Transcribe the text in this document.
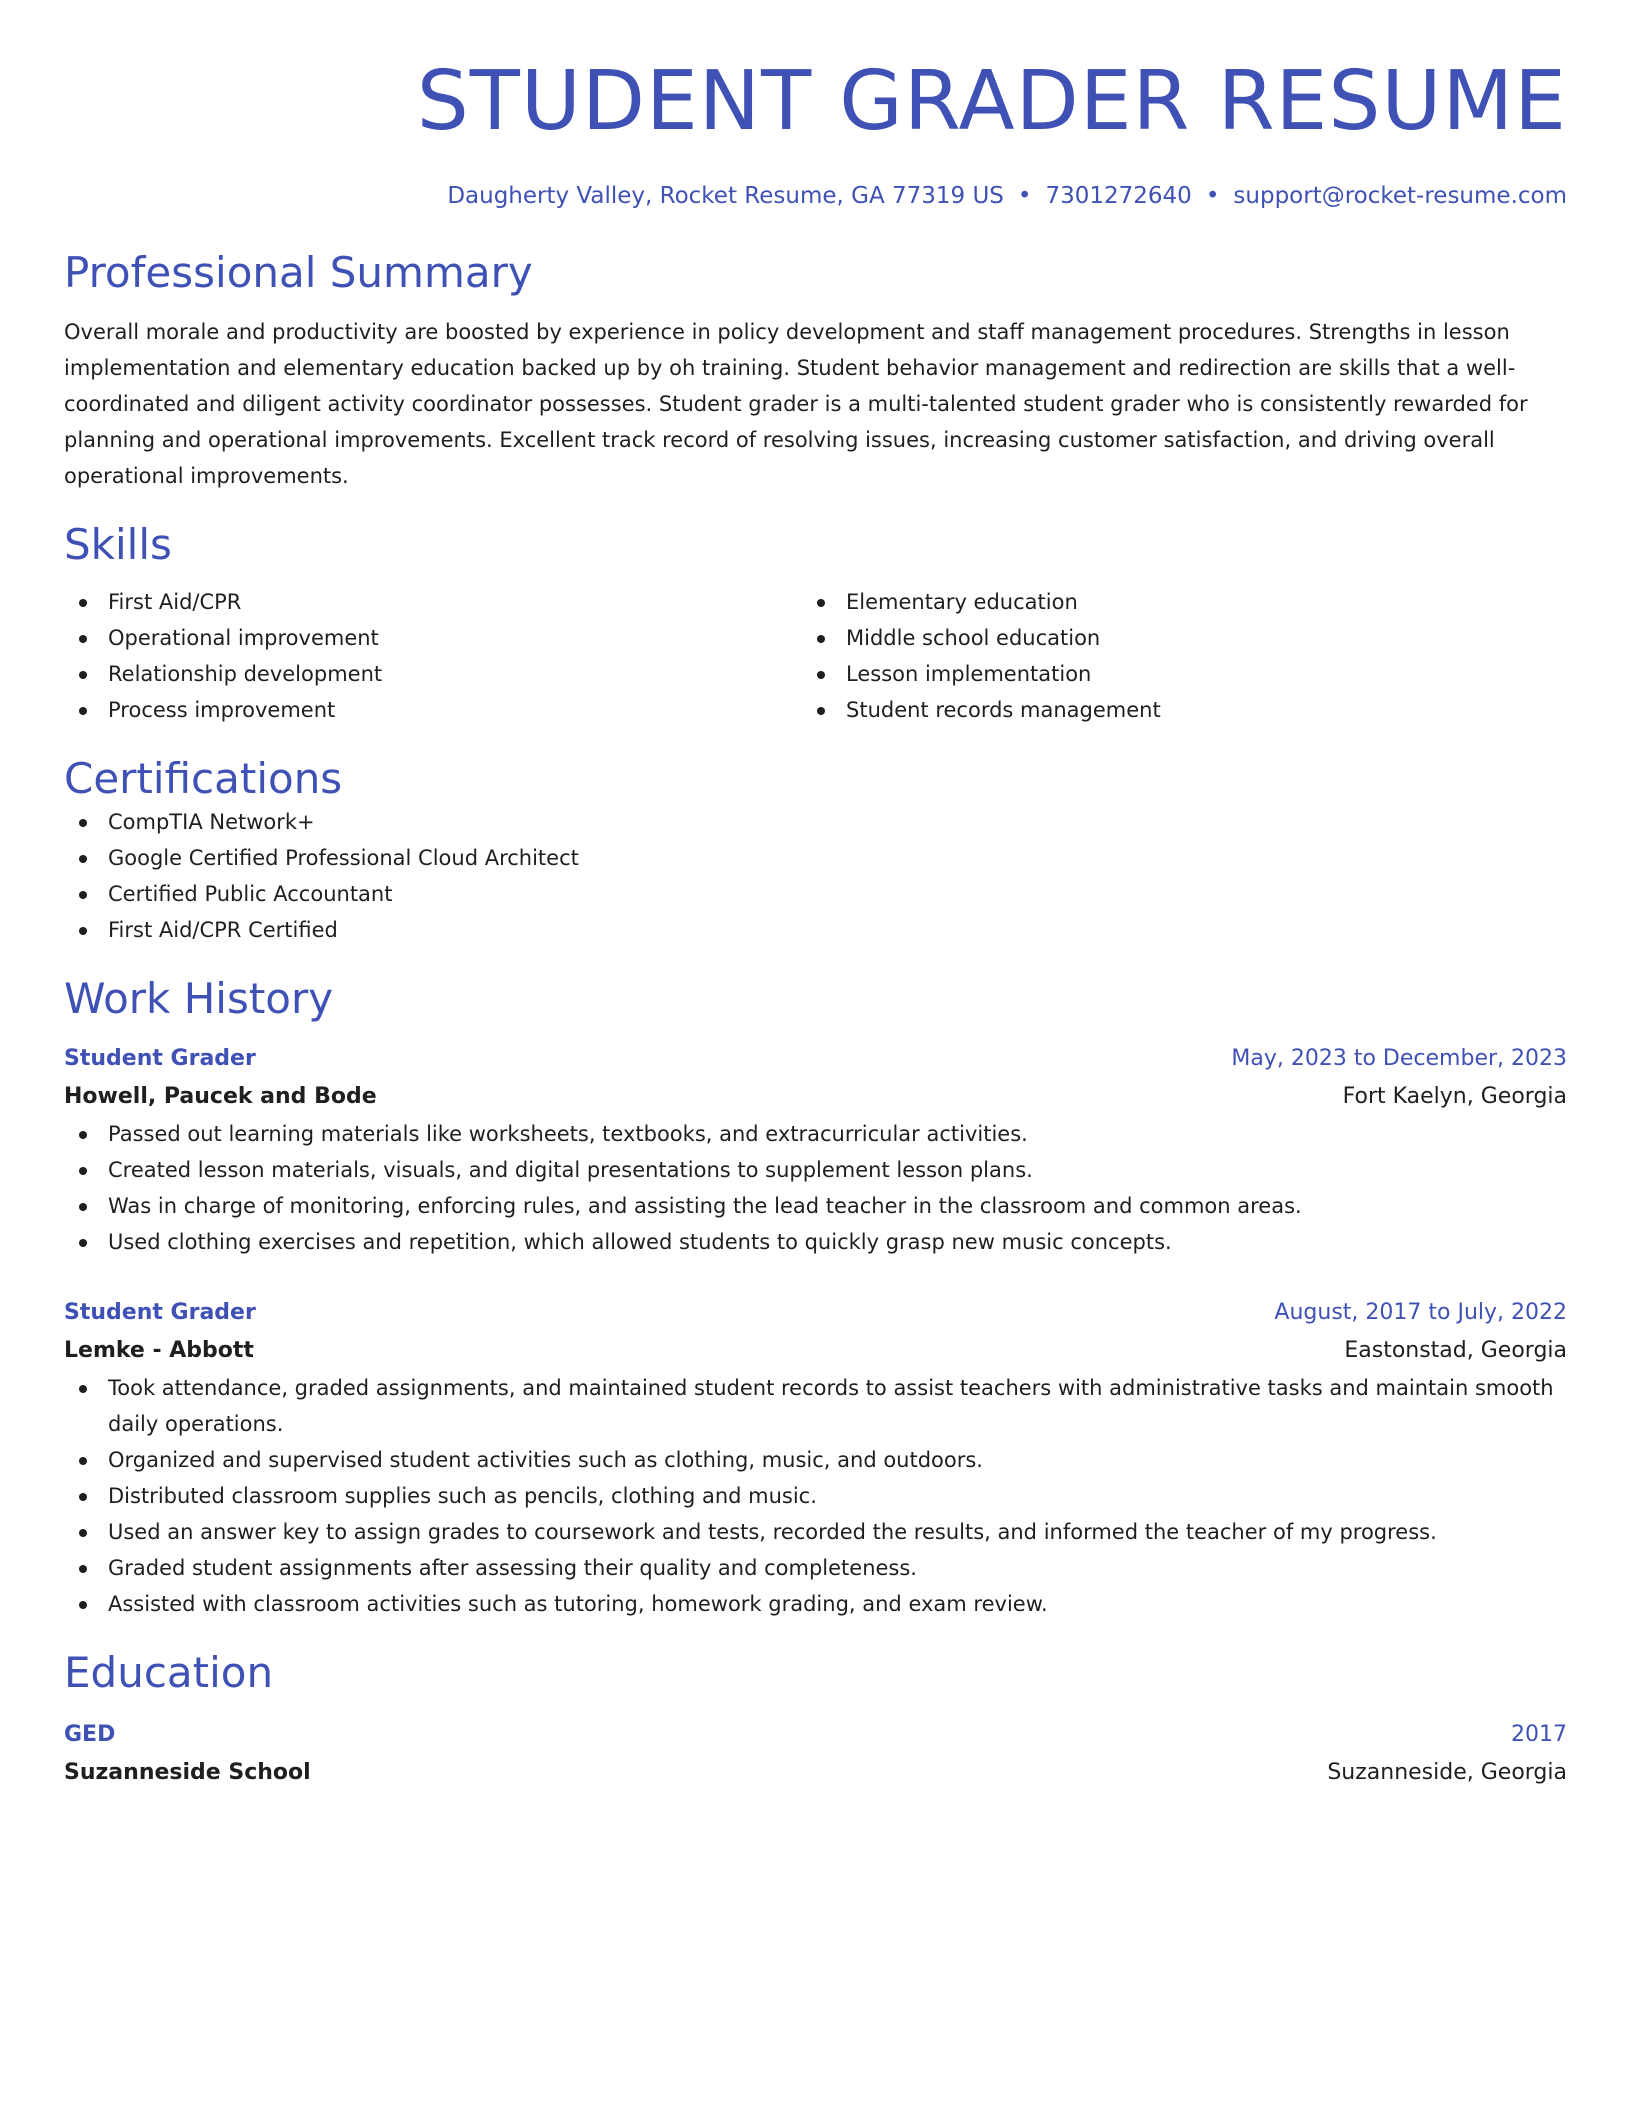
STUDENT GRADER RESUME
Daugherty Valley, Rocket Resume, GA 77319 US • 7301272640 • support@rocket-resume.com
Professional Summary
Overall morale and productivity are boosted by experience in policy development and staff management procedures. Strengths in lesson implementation and elementary education backed up by oh training. Student behavior management and redirection are skills that a well-coordinated and diligent activity coordinator possesses. Student grader is a multi-talented student grader who is consistently rewarded for planning and operational improvements. Excellent track record of resolving issues, increasing customer satisfaction, and driving overall operational improvements.
Skills
First Aid/CPR
Operational improvement
Relationship development
Process improvement
Elementary education
Middle school education
Lesson implementation
Student records management
Certifications
CompTIA Network+
Google Certified Professional Cloud Architect
Certified Public Accountant
First Aid/CPR Certified
Work History
Student Grader	May, 2023 to December, 2023
Howell, Paucek and Bode	Fort Kaelyn, Georgia
Passed out learning materials like worksheets, textbooks, and extracurricular activities.
Created lesson materials, visuals, and digital presentations to supplement lesson plans.
Was in charge of monitoring, enforcing rules, and assisting the lead teacher in the classroom and common areas.
Used clothing exercises and repetition, which allowed students to quickly grasp new music concepts.
Student Grader	August, 2017 to July, 2022
Lemke - Abbott	Eastonstad, Georgia
Took attendance, graded assignments, and maintained student records to assist teachers with administrative tasks and maintain smooth daily operations.
Organized and supervised student activities such as clothing, music, and outdoors.
Distributed classroom supplies such as pencils, clothing and music.
Used an answer key to assign grades to coursework and tests, recorded the results, and informed the teacher of my progress.
Graded student assignments after assessing their quality and completeness.
Assisted with classroom activities such as tutoring, homework grading, and exam review.
Education
GED	2017
Suzanneside School	Suzanneside, Georgia
